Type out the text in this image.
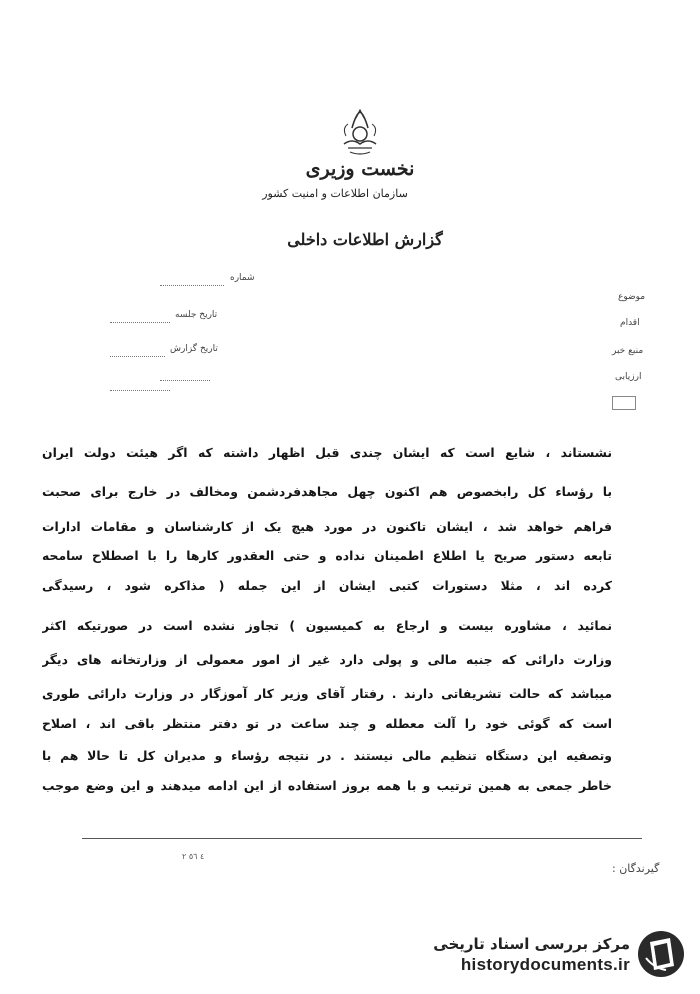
نخست وزیری
سازمان اطلاعات و امنیت کشور
گزارش اطلاعات داخلی
شماره
موضوع
تاریخ جلسه
اقدام
منبع خبر
تاریخ گزارش
ارزیابی
نشستاند ، شایع است که ایشان چندی قبل اظهار داشته که اگر هیئت دولت ایران
با رؤساء کل رابخصوص هم اکنون چهل مجاهدفردشمن ومخالف در خارج برای صحبت
فراهم خواهد شد ، ایشان تاکنون در مورد هیچ یک از کارشناسان و مقامات ادارات
تابعه دستور صریح یا اطلاع اطمینان نداده و حتی العقدور کارها را با اصطلاح سامحه
کرده اند ، مثلا دستورات کتبی ایشان از این جمله ( مذاکره شود ، رسیدگی
نمائید ، مشاوره بیست و ارجاع به کمیسیون ) تجاوز نشده است در صورتیکه اکثر
وزارت دارائی که جنبه مالی و پولی دارد غیر از امور معمولی از وزارتخانه های دیگر
میباشد که حالت تشریفاتی دارند . رفتار آقای وزیر کار آموزگار در وزارت دارائی طوری
است که گوئی خود را آلت معطله و چند ساعت در تو دفتر منتظر باقی اند ، اصلاح
وتصفیه این دستگاه تنظیم مالی نیستند . در نتیجه رؤساء و مدیران کل تا حالا هم با
خاطر جمعی به همین ترتیب و با همه بروز استفاده از این ادامه میدهند و این وضع موجب
٤ ٥٦ ٢
گیرندگان :
مرکز بررسی اسناد تاریخی
historydocuments.ir
